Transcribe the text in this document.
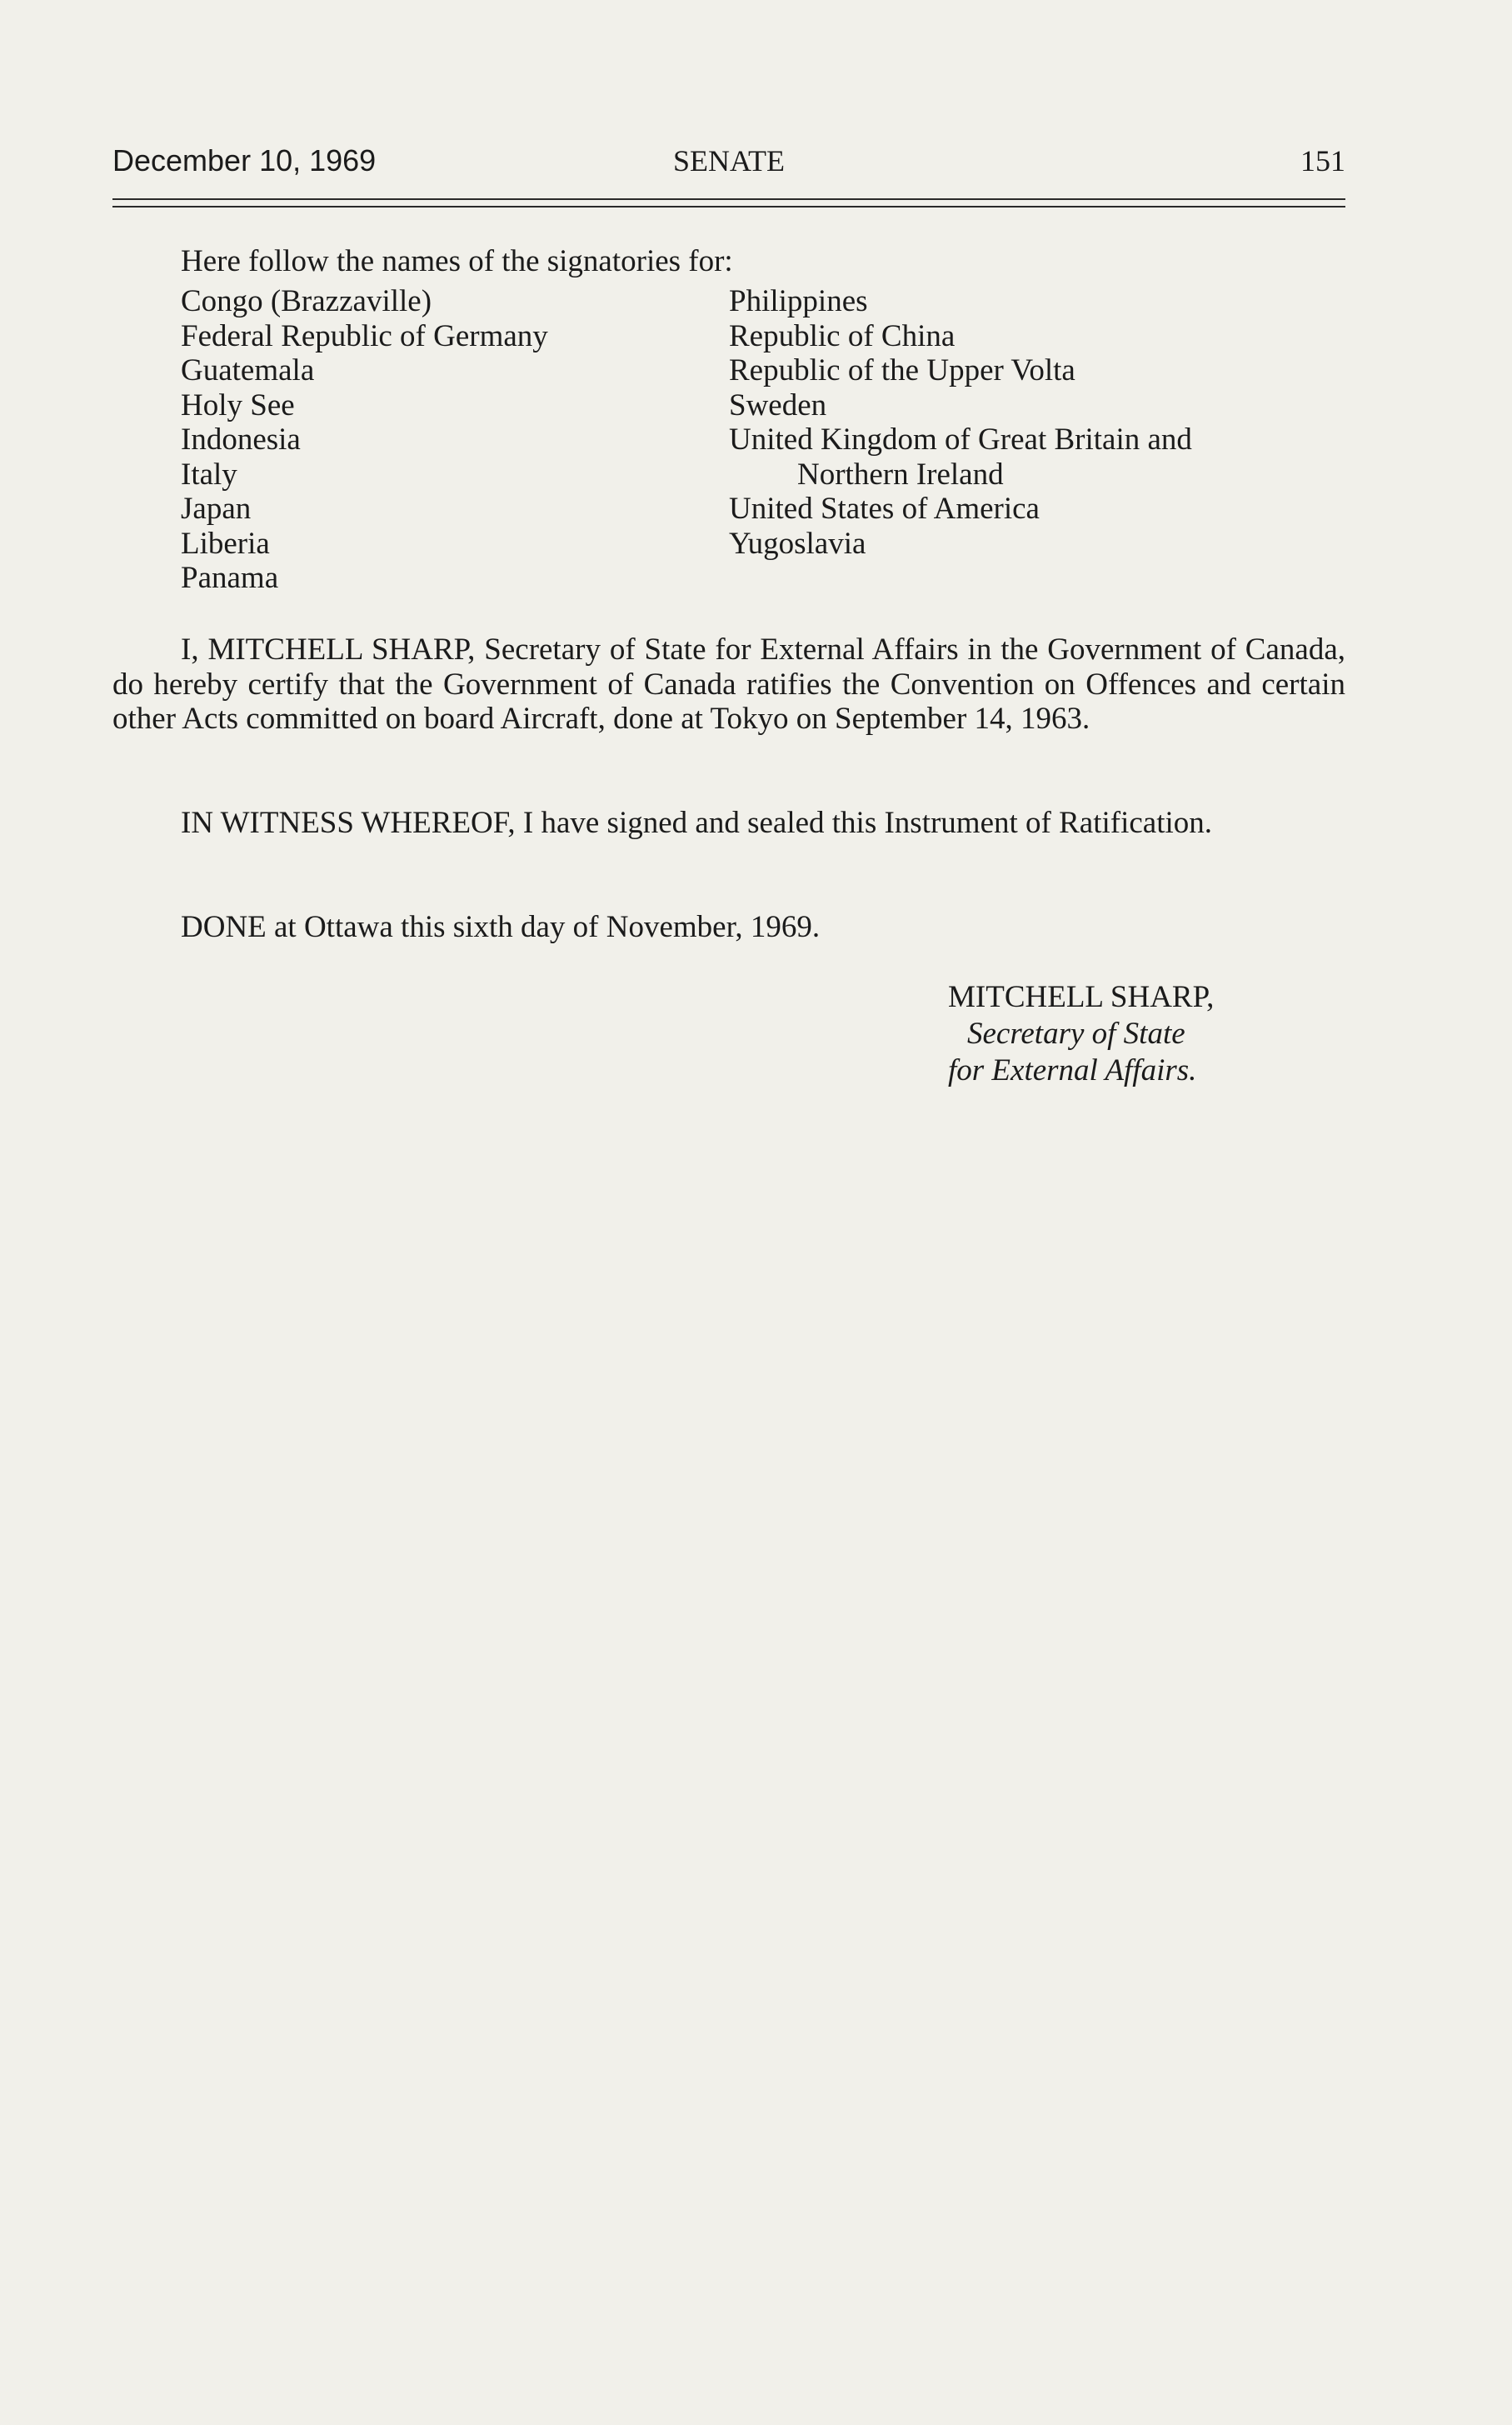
December 10, 1969	SENATE	151
Here follow the names of the signatories for:
Congo (Brazzaville)
Federal Republic of Germany
Guatemala
Holy See
Indonesia
Italy
Japan
Liberia
Panama
Philippines
Republic of China
Republic of the Upper Volta
Sweden
United Kingdom of Great Britain and
Northern Ireland
United States of America
Yugoslavia

I, MITCHELL SHARP, Secretary of State for External Affairs in the Government of Canada, do hereby certify that the Government of Canada ratifies the Convention on Offences and certain other Acts committed on board Aircraft, done at Tokyo on September 14, 1963.

IN WITNESS WHEREOF, I have signed and sealed this Instrument of Ratification.

DONE at Ottawa this sixth day of November, 1969.

MITCHELL SHARP,
Secretary of State
for External Affairs.
